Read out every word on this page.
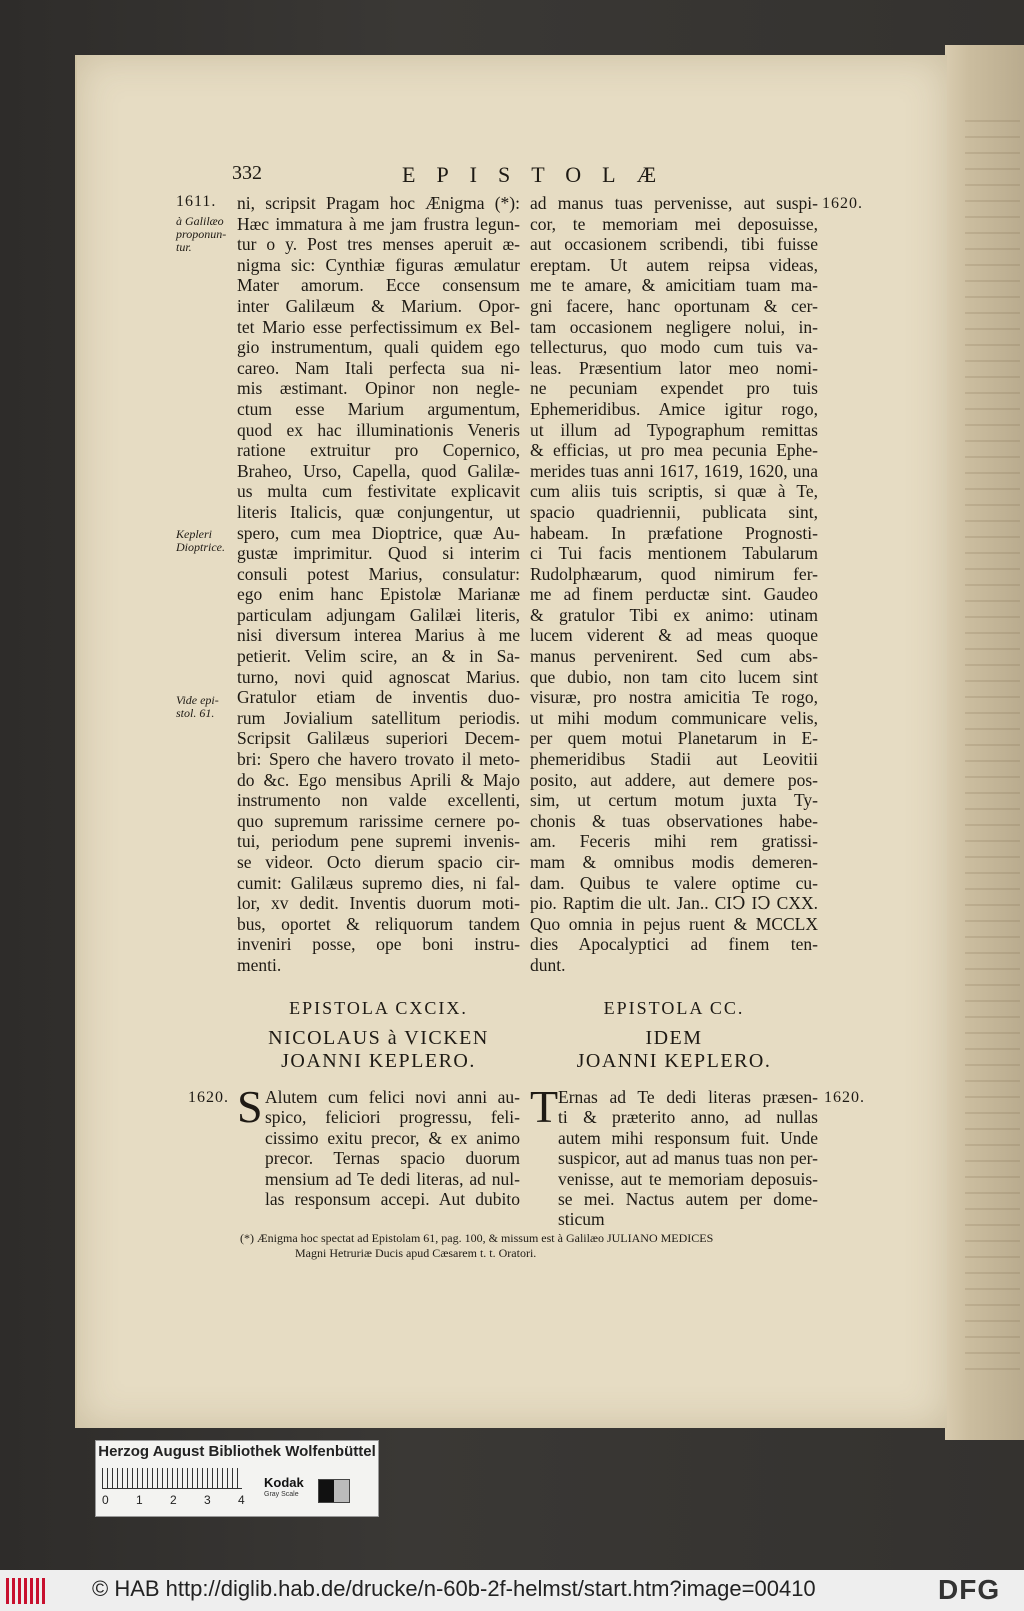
332	EPISTOLÆ
1611.
à Galilæo
proponun-
tur.
Kepleri
Dioptrice.
Vide epi-
stol. 61.
1620.
1620.	1620.
ni, scripsit Pragam hoc Ænigma (*):
Hæc immatura à me jam frustra legun-
tur o y. Post tres menses aperuit æ-
nigma sic: Cynthiæ figuras æmulatur
Mater amorum. Ecce consensum
inter Galilæum & Marium. Opor-
tet Mario esse perfectissimum ex Bel-
gio instrumentum, quali quidem ego
careo. Nam Itali perfecta sua ni-
mis æstimant. Opinor non negle-
ctum esse Marium argumentum,
quod ex hac illuminationis Veneris
ratione extruitur pro Copernico,
Braheo, Urso, Capella, quod Galilæ-
us multa cum festivitate explicavit
literis Italicis, quæ conjungentur, ut
spero, cum mea Dioptrice, quæ Au-
gustæ imprimitur. Quod si interim
consuli potest Marius, consulatur:
ego enim hanc Epistolæ Marianæ
particulam adjungam Galilæi literis,
nisi diversum interea Marius à me
petierit. Velim scire, an & in Sa-
turno, novi quid agnoscat Marius.
Gratulor etiam de inventis duo-
rum Jovialium satellitum periodis.
Scripsit Galilæus superiori Decem-
bri: Spero che havero trovato il meto-
do &c. Ego mensibus Aprili & Majo
instrumento non valde excellenti,
quo supremum rarissime cernere po-
tui, periodum pene supremi invenis-
se videor. Octo dierum spacio cir-
cumit: Galilæus supremo dies, ni fal-
lor, xv dedit. Inventis duorum moti-
bus, oportet & reliquorum tandem
inveniri posse, ope boni instru-
menti.
ad manus tuas pervenisse, aut suspi-
cor, te memoriam mei deposuisse,
aut occasionem scribendi, tibi fuisse
ereptam. Ut autem reipsa videas,
me te amare, & amicitiam tuam ma-
gni facere, hanc oportunam & cer-
tam occasionem negligere nolui, in-
tellecturus, quo modo cum tuis va-
leas. Præsentium lator meo nomi-
ne pecuniam expendet pro tuis
Ephemeridibus. Amice igitur rogo,
ut illum ad Typographum remittas
& efficias, ut pro mea pecunia Ephe-
merides tuas anni 1617, 1619, 1620, una
cum aliis tuis scriptis, si quæ à Te,
spacio quadriennii, publicata sint,
habeam. In præfatione Prognosti-
ci Tui facis mentionem Tabularum
Rudolphæarum, quod nimirum fer-
me ad finem perductæ sint. Gaudeo
& gratulor Tibi ex animo: utinam
lucem viderent & ad meas quoque
manus pervenirent. Sed cum abs-
que dubio, non tam cito lucem sint
visuræ, pro nostra amicitia Te rogo,
ut mihi modum communicare velis,
per quem motui Planetarum in E-
phemeridibus Stadii aut Leovitii
posito, aut addere, aut demere pos-
sim, ut certum motum juxta Ty-
chonis & tuas observationes habe-
am. Feceris mihi rem gratissi-
mam & omnibus modis demeren-
dam. Quibus te valere optime cu-
pio. Raptim die ult. Jan.. CIↃ IↃ CXX.
Quo omnia in pejus ruent & MCCLX
dies Apocalyptici ad finem ten-
dunt.
EPISTOLA CXCIX.
NICOLAUS à VICKEN
JOANNI KEPLERO.
EPISTOLA CC.
IDEM
JOANNI KEPLERO.
S Alutem cum felici novi anni au-
spico, feliciori progressu, feli-
cissimo exitu precor, & ex animo
precor. Ternas spacio duorum
mensium ad Te dedi literas, ad nul-
las responsum accepi. Aut dubito
T Ernas ad Te dedi literas præsen-
ti & præterito anno, ad nullas
autem mihi responsum fuit. Unde
suspicor, aut ad manus tuas non per-
venisse, aut te memoriam deposuis-
se mei. Nactus autem per dome-
sticum
(*) Ænigma hoc spectat ad Epistolam 61, pag. 100, & missum est à Galilæo JULIANO MEDICES
Magni Hetruriæ Ducis apud Cæsarem t. t. Oratori.
Herzog August Bibliothek Wolfenbüttel
0 1 2 3 4
Kodak
Gray Scale
© HAB http://diglib.hab.de/drucke/n-60b-2f-helmst/start.htm?image=00410	DFG
